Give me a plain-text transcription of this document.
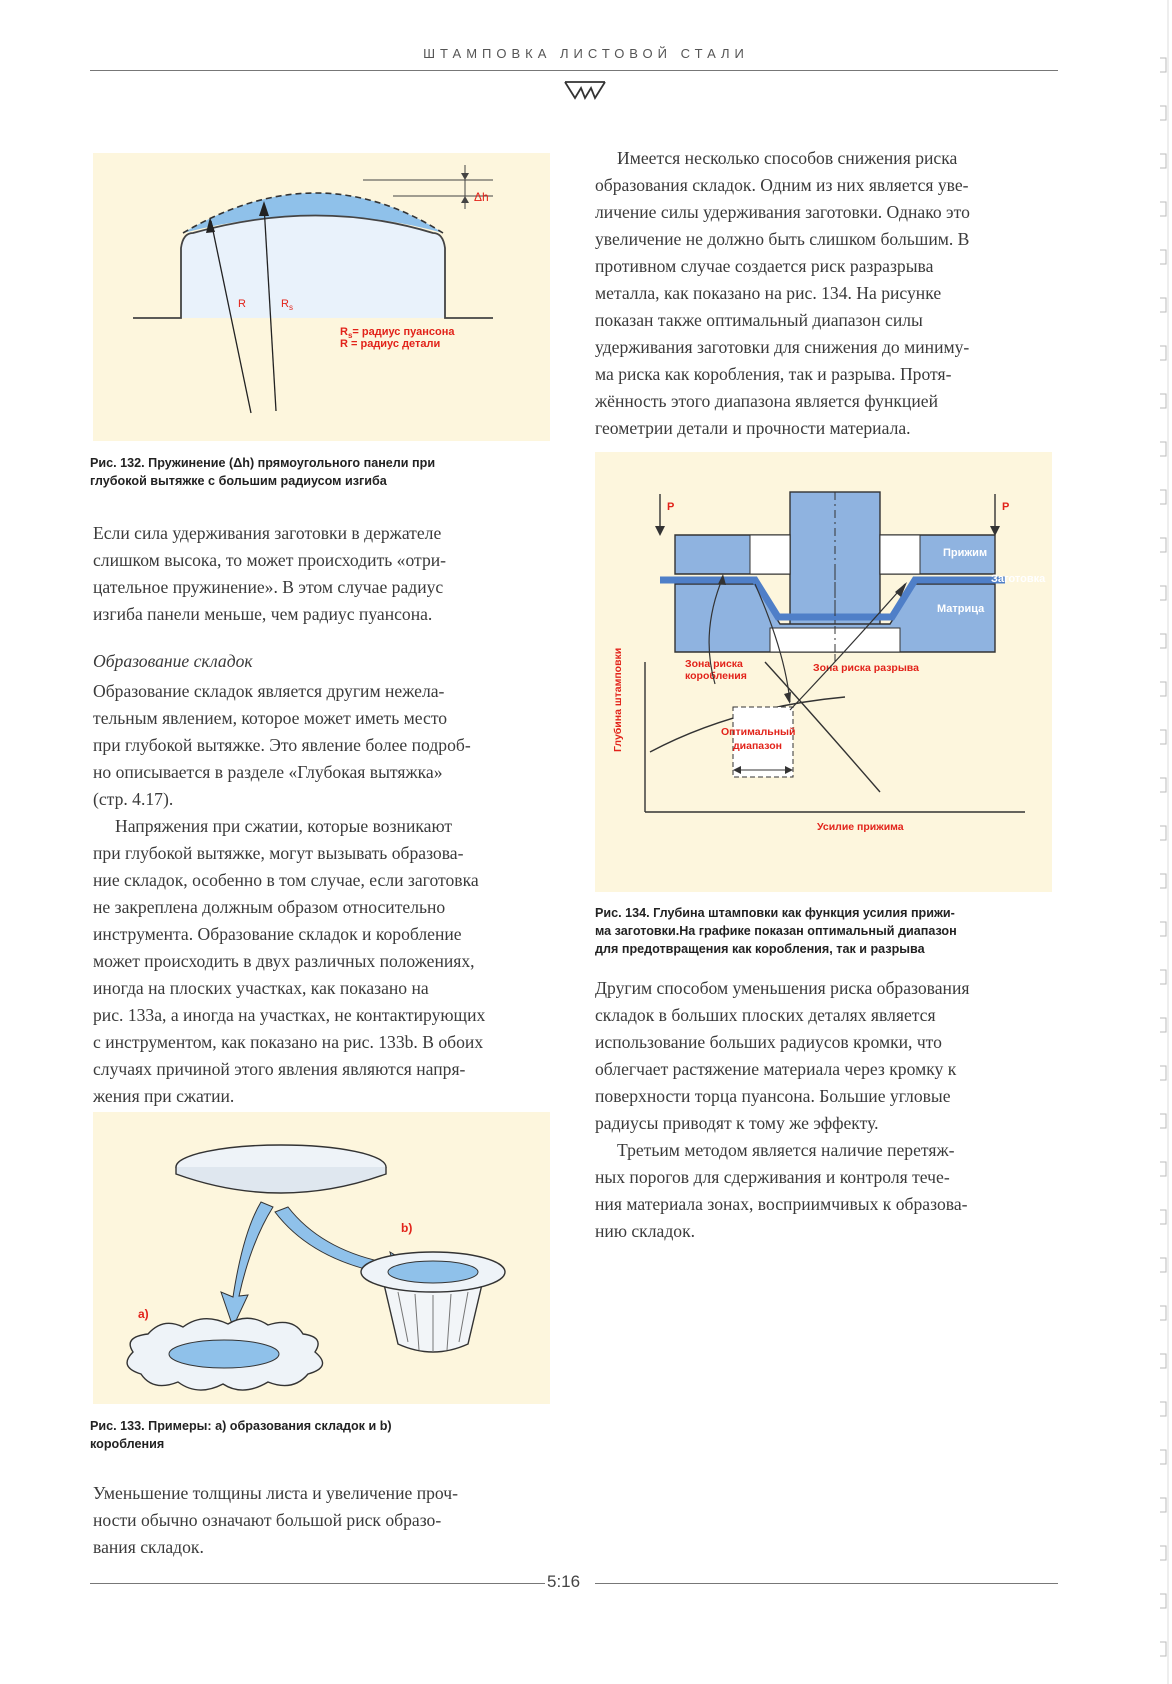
ШТАМПОВКА ЛИСТОВОЙ СТАЛИ
Δh
R	$R_s$
$R_s=$ радиус пуансона
R = радиус детали
Рис. 132. Пружинение (Δh) прямоугольного панели при
глубокой вытяжке с большим радиусом изгиба

Если сила удерживания заготовки в держателе

слишком высока, то может происходить «отри-

цательное пружинение». В этом случае радиус

изгиба панели меньше, чем радиус пуансона.

Образование складок

Образование складок является другим нежела-

тельным явлением, которое может иметь место

при глубокой вытяжке. Это явление более подроб-

но описывается в разделе «Глубокая вытяжка»

(стр. 4.17).

Напряжения при сжатии, которые возникают

при глубокой вытяжке, могут вызывать образова-

ние складок, особенно в том случае, если заготовка

не закреплена должным образом относительно

инструмента. Образование складок и коробление

может происходить в двух различных положениях,

иногда на плоских участках, как показано на

рис. 133a, а иногда на участках, не контактирующих

с инструментом, как показано на рис. 133b. В обоих

случаях причиной этого явления являются напря-

жения при сжатии.

b)
a)
Рис. 133. Примеры: a) образования складок и b)
коробления

Уменьшение толщины листа и увеличение проч-

ности обычно означают большой риск образо-

вания складок.

Имеется несколько способов снижения риска

образования складок. Одним из них является уве-

личение силы удерживания заготовки. Однако это

увеличение не должно быть слишком большим. В

противном случае создается риск разразрыва

металла, как показано на рис. 134. На рисунке

показан также оптимальный диапазон силы

удерживания заготовки для снижения до миниму-

ма риска как коробления, так и разрыва. Протя-

жённость этого диапазона является функцией

геометрии детали и прочности материала.

P	P
Прижим
Заготовка
Матрица
Оптимальный
диапазон
Зона риска
коробления
Зона риска разрыва
Глубина штамповки
Усилие прижима
Рис. 134. Глубина штамповки как функция усилия прижи-
ма заготовки.На графике показан оптимальный диапазон
для предотвращения как коробления, так и разрыва

Другим способом уменьшения риска образования

складок в больших плоских деталях является

использование больших радиусов кромки, что

облегчает растяжение материала через кромку к

поверхности торца пуансона. Большие угловые

радиусы приводят к тому же эффекту.

Третьим методом является наличие перетяж-

ных порогов для сдерживания и контроля тече-

ния материала зонах, восприимчивых к образова-

нию складок.

5:16
